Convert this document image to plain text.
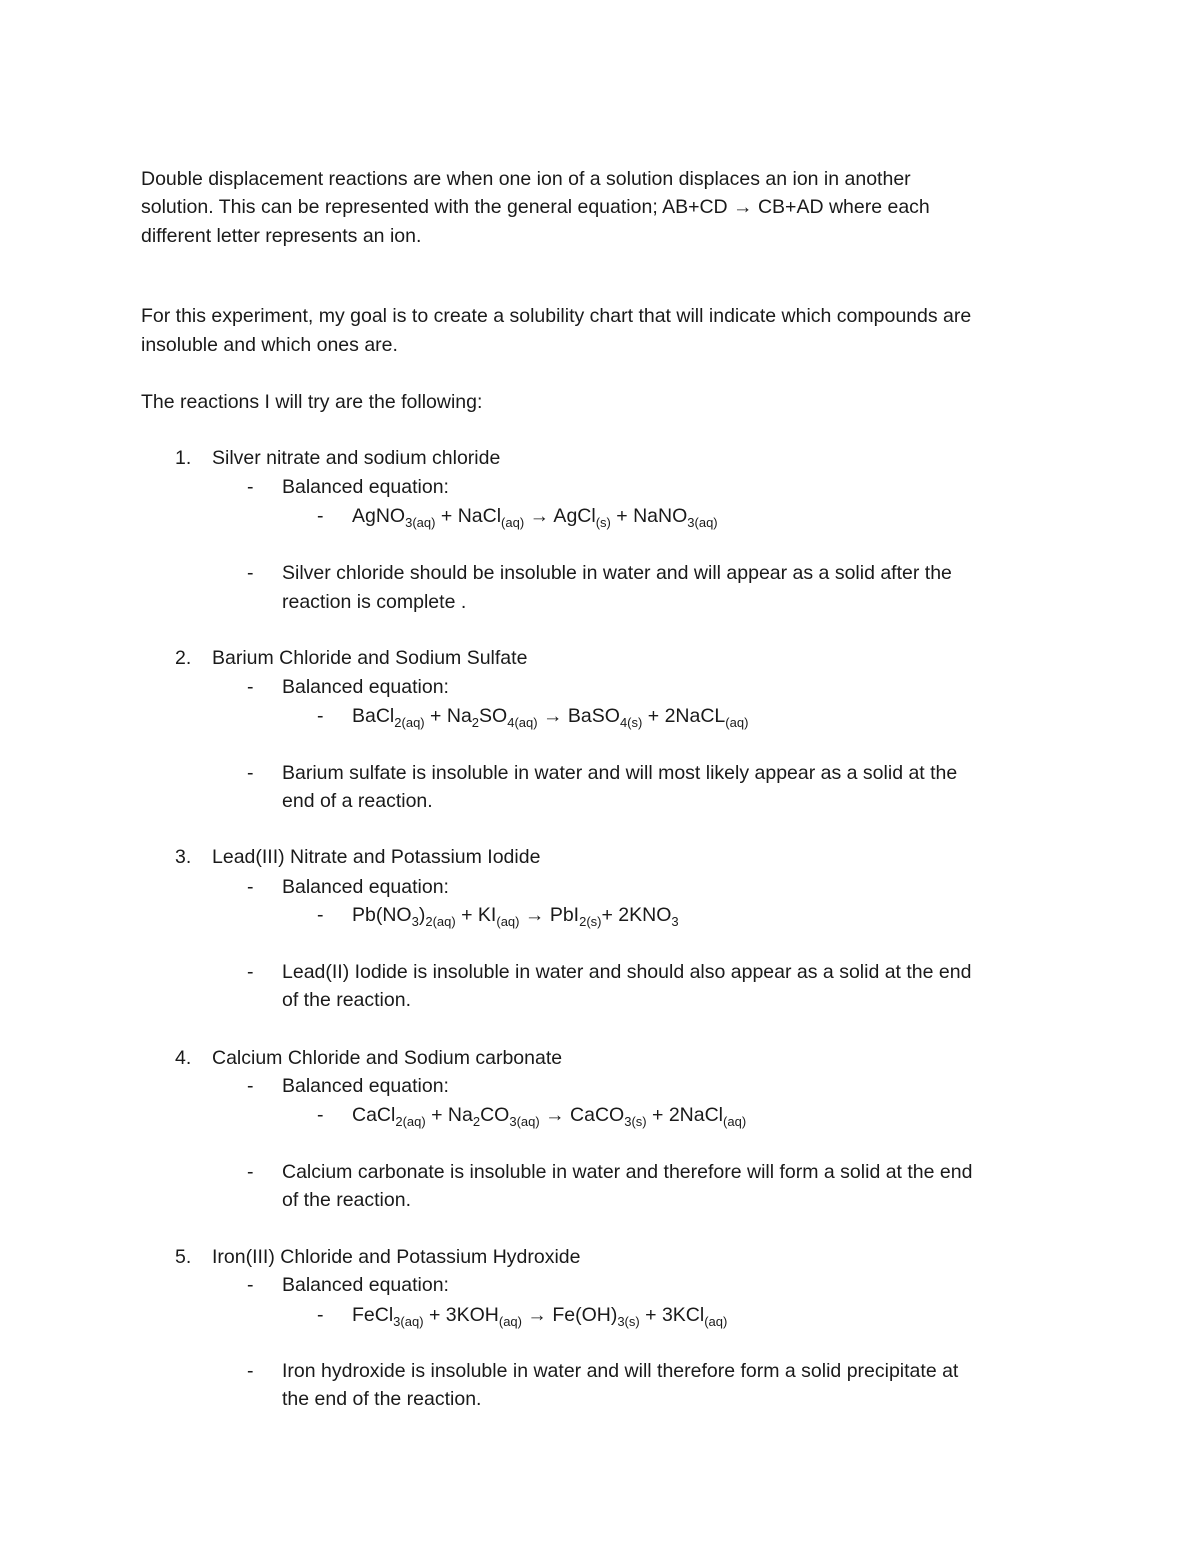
Double displacement reactions are when one ion of a solution displaces an ion in another
solution. This can be represented with the general equation; AB+CD → CB+AD where each
different letter represents an ion.
For this experiment, my goal is to create a solubility chart that will indicate which compounds are
insoluble and which ones are.
The reactions I will try are the following:
1. Silver nitrate and sodium chloride
- Balanced equation:
- AgNO$_{3(aq)}$ + NaCl$_{(aq)}$ → AgCl$_{(s)}$ + NaNO$_{3(aq)}$
- Silver chloride should be insoluble in water and will appear as a solid after the
reaction is complete .
2. Barium Chloride and Sodium Sulfate
- Balanced equation:
- BaCl$_{2(aq)}$ + $Na_2SO_{4(aq)}$ → BaSO$_{4(s)}$ + 2NaCL$_{(aq)}$
- Barium sulfate is insoluble in water and will most likely appear as a solid at the
end of a reaction.
3. Lead(III) Nitrate and Potassium Iodide
- Balanced equation:
- $Pb(NO_3)_{2(aq)} + KI_{(aq)} \to PbI_{2(s)}+ 2KNO_3$
- Lead(II) Iodide is insoluble in water and should also appear as a solid at the end
of the reaction.
4. Calcium Chloride and Sodium carbonate
- Balanced equation:
- CaCl$_{2(aq)}$ + $Na_2CO_{3(aq)}$ → CaCO$_{3(s)}$ + 2NaCl$_{(aq)}$
- Calcium carbonate is insoluble in water and therefore will form a solid at the end
of the reaction.
5. Iron(III) Chloride and Potassium Hydroxide
- Balanced equation:
- FeCl$_{3(aq)}$ + $3KOH_{(aq)} \to Fe(OH)_{3(s)} + 3KCl_{(aq)}$
- Iron hydroxide is insoluble in water and will therefore form a solid precipitate at
the end of the reaction.
